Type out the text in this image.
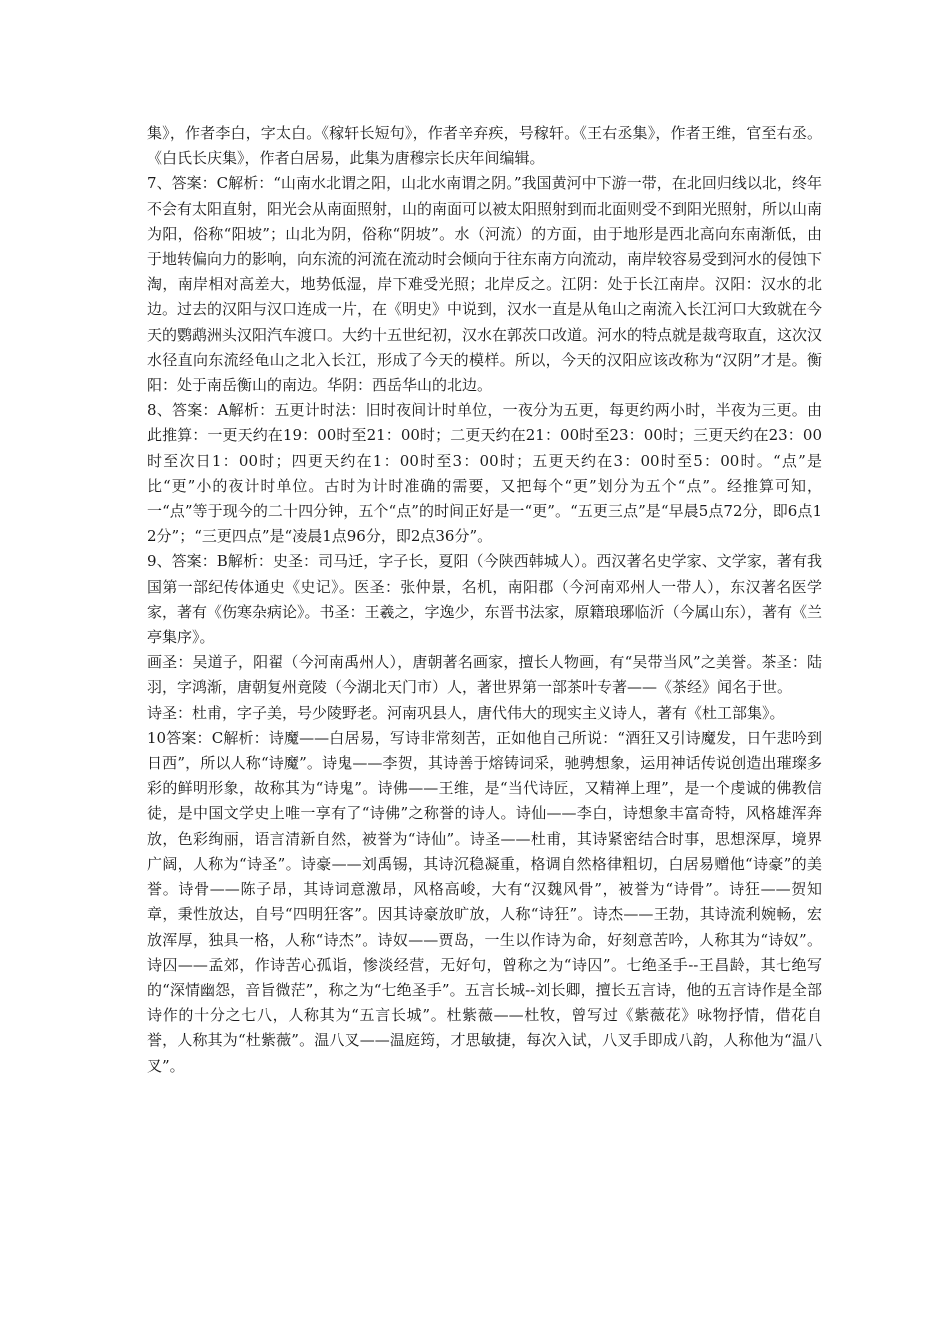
集》，作者李白，字太白。《稼轩长短句》，作者辛弃疾，号稼轩。《王右丞集》，作者王维，官至右丞。《白氏长庆集》，作者白居易，此集为唐穆宗长庆年间编辑。

7、答案：C解析：“山南水北谓之阳，山北水南谓之阴。”我国黄河中下游一带，在北回归线以北，终年不会有太阳直射，阳光会从南面照射，山的南面可以被太阳照射到而北面则受不到阳光照射，所以山南为阳，俗称“阳坡”；山北为阴，俗称“阴坡”。水（河流）的方面，由于地形是西北高向东南渐低，由于地转偏向力的影响，向东流的河流在流动时会倾向于往东南方向流动，南岸较容易受到河水的侵蚀下淘，南岸相对高差大，地势低湿，岸下难受光照；北岸反之。江阴：处于长江南岸。汉阳：汉水的北边。过去的汉阳与汉口连成一片，在《明史》中说到，汉水一直是从龟山之南流入长江河口大致就在今天的鹦鹉洲头汉阳汽车渡口。大约十五世纪初，汉水在郭茨口改道。河水的特点就是裁弯取直，这次汉水径直向东流经龟山之北入长江，形成了今天的模样。所以，今天的汉阳应该改称为“汉阴”才是。衡阳：处于南岳衡山的南边。华阴：西岳华山的北边。

8、答案：A解析：五更计时法：旧时夜间计时单位，一夜分为五更，每更约两小时，半夜为三更。由此推算：一更天约在19：00时至21：00时；二更天约在21：00时至23：00时；三更天约在23：00时至次日1：00时；四更天约在1：00时至3：00时；五更天约在3：00时至5：00时。“点”是比“更”小的夜计时单位。古时为计时准确的需要，又把每个“更”划分为五个“点”。经推算可知，一“点”等于现今的二十四分钟，五个“点”的时间正好是一“更”。“五更三点”是“早晨5点72分，即6点12分”；“三更四点”是“凌晨1点96分，即2点36分”。

9、答案：B解析：史圣：司马迁，字子长，夏阳（今陕西韩城人）。西汉著名史学家、文学家，著有我国第一部纪传体通史《史记》。医圣：张仲景，名机，南阳郡（今河南邓州人一带人），东汉著名医学家，著有《伤寒杂病论》。书圣：王羲之，字逸少，东晋书法家，原籍琅琊临沂（今属山东），著有《兰亭集序》。

画圣：吴道子，阳翟（今河南禹州人），唐朝著名画家，擅长人物画，有“吴带当风”之美誉。茶圣：陆羽，字鸿渐，唐朝复州竟陵（今湖北天门市）人，著世界第一部茶叶专著——《茶经》闻名于世。

诗圣：杜甫，字子美，号少陵野老。河南巩县人，唐代伟大的现实主义诗人，著有《杜工部集》。

10答案：C解析：诗魔——白居易，写诗非常刻苦，正如他自己所说：“酒狂又引诗魔发，日午悲吟到日西”，所以人称“诗魔”。诗鬼——李贺，其诗善于熔铸词采，驰骋想象，运用神话传说创造出璀璨多彩的鲜明形象，故称其为“诗鬼”。诗佛——王维，是“当代诗匠，又精禅上理”，是一个虔诚的佛教信徒，是中国文学史上唯一享有了“诗佛”之称誉的诗人。诗仙——李白，诗想象丰富奇特，风格雄浑奔放，色彩绚丽，语言清新自然，被誉为“诗仙”。诗圣——杜甫，其诗紧密结合时事，思想深厚，境界广阔，人称为“诗圣”。诗豪——刘禹锡，其诗沉稳凝重，格调自然格律粗切，白居易赠他“诗豪”的美誉。诗骨——陈子昂，其诗词意激昂，风格高峻，大有“汉魏风骨”，被誉为“诗骨”。诗狂——贺知章，秉性放达，自号“四明狂客”。因其诗豪放旷放，人称“诗狂”。诗杰——王勃，其诗流利婉畅，宏放浑厚，独具一格，人称“诗杰”。诗奴——贾岛，一生以作诗为命，好刻意苦吟，人称其为“诗奴”。诗囚——孟郊，作诗苦心孤诣，惨淡经营，无好句，曾称之为“诗囚”。七绝圣手--王昌龄，其七绝写的“深情幽怨，音旨微茫”，称之为“七绝圣手”。五言长城--刘长卿，擅长五言诗，他的五言诗作是全部诗作的十分之七八，人称其为“五言长城”。杜紫薇——杜牧，曾写过《紫薇花》咏物抒情，借花自誉，人称其为“杜紫薇”。温八叉——温庭筠，才思敏捷，每次入试，八叉手即成八韵，人称他为“温八叉”。
